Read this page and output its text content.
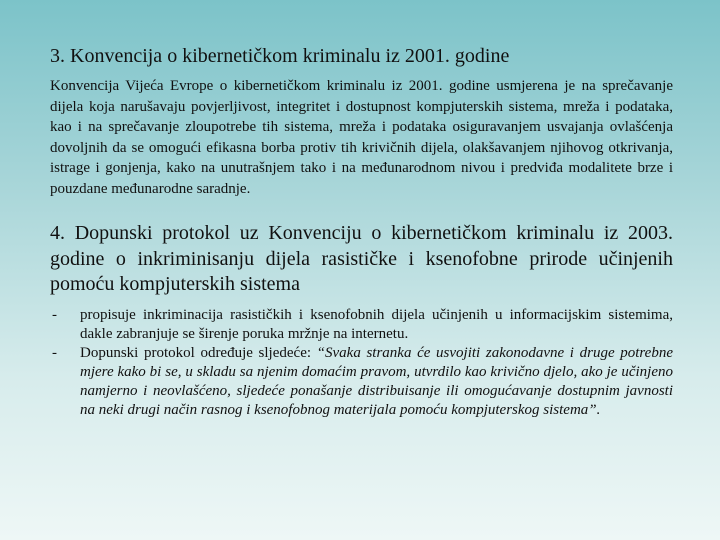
3. Konvencija o kibernetičkom kriminalu iz 2001. godine

Konvencija Vijeća Evrope o kibernetičkom kriminalu iz 2001. godine usmjerena je na sprečavanje dijela koja narušavaju povjerljivost, integritet i dostupnost kompjuterskih sistema, mreža i podataka, kao i na sprečavanje zloupotrebe tih sistema, mreža i podataka osiguravanjem usvajanja ovlašćenja dovoljnih da se omogući efikasna borba protiv tih krivičnih dijela, olakšavanjem njihovog otkrivanja, istrage i gonjenja, kako na unutrašnjem tako i na međunarodnom nivou i predviđa modalitete brze i pouzdane međunarodne saradnje.

4. Dopunski protokol uz Konvenciju o kibernetičkom kriminalu iz 2003. godine o inkriminisanju dijela rasističke i ksenofobne prirode učinjenih pomoću kompjuterskih sistema
-	propisuje inkriminacija rasističkih i ksenofobnih dijela učinjenih u informacijskim sistemima, dakle zabranjuje se širenje poruka mržnje na internetu.
-	Dopunski protokol određuje sljedeće: “Svaka stranka će usvojiti zakonodavne i druge potrebne mjere kako bi se, u skladu sa njenim domaćim pravom, utvrdilo kao krivično djelo, ako je učinjeno namjerno i neovlašćeno, sljedeće ponašanje distribuisanje ili omogućavanje dostupnim javnosti na neki drugi način rasnog i ksenofobnog materijala pomoću kompjuterskog sistema”.
